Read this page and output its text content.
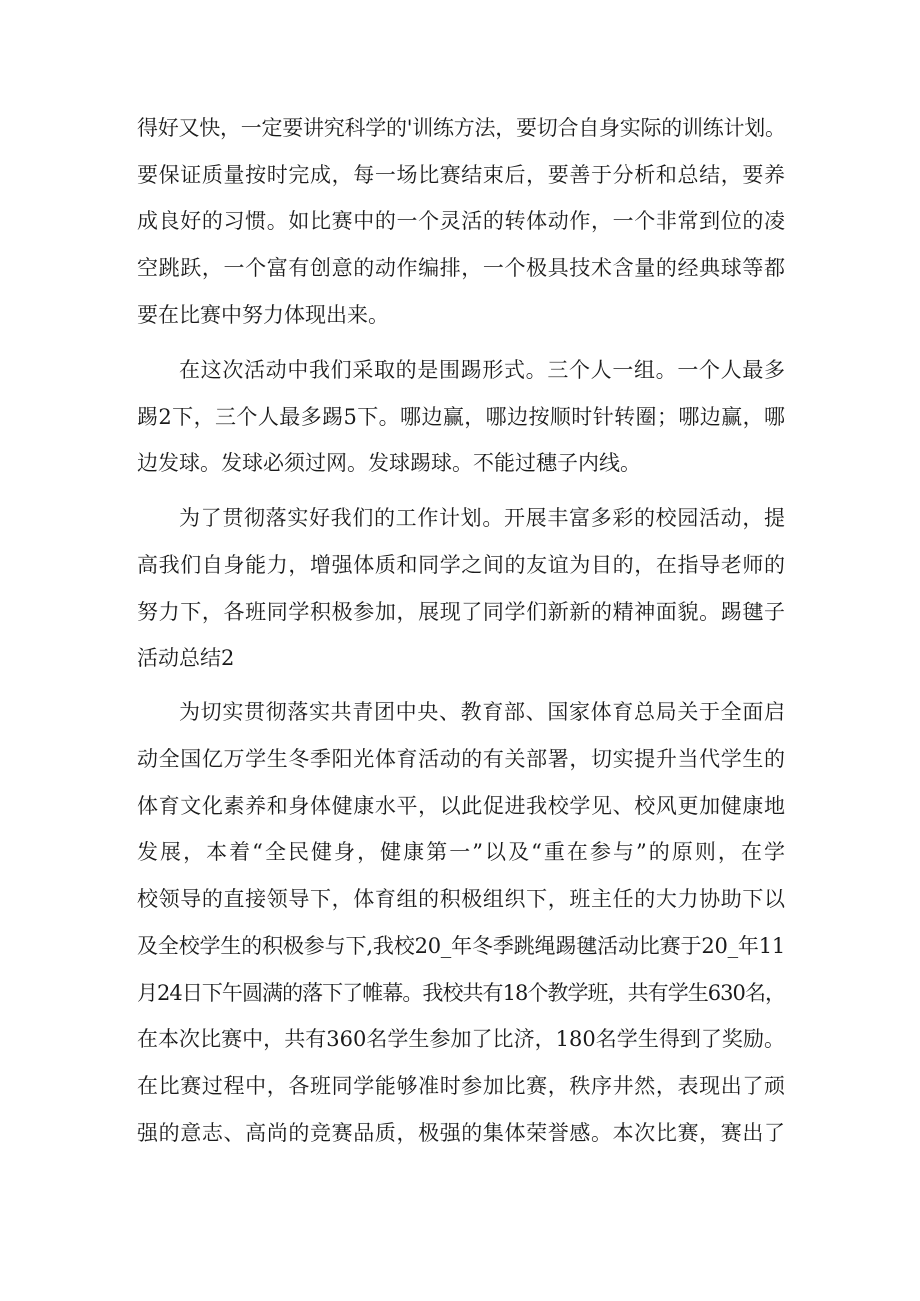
得好又快，一定要讲究科学的'训练方法，要切合自身实际的训练计划。
要保证质量按时完成，每一场比赛结束后，要善于分析和总结，要养
成良好的习惯。如比赛中的一个灵活的转体动作，一个非常到位的凌
空跳跃，一个富有创意的动作编排，一个极具技术含量的经典球等都
要在比赛中努力体现出来。
在这次活动中我们采取的是围踢形式。三个人一组。一个人最多
踢2下，三个人最多踢5下。哪边赢，哪边按顺时针转圈；哪边赢，哪
边发球。发球必须过网。发球踢球。不能过穗子内线。
为了贯彻落实好我们的工作计划。开展丰富多彩的校园活动，提
高我们自身能力，增强体质和同学之间的友谊为目的，在指导老师的
努力下，各班同学积极参加，展现了同学们新新的精神面貌。踢毽子
活动总结2
为切实贯彻落实共青团中央、教育部、国家体育总局关于全面启
动全国亿万学生冬季阳光体育活动的有关部署，切实提升当代学生的
体育文化素养和身体健康水平，以此促进我校学见、校风更加健康地
发展，本着“全民健身，健康第一”以及“重在参与”的原则，在学
校领导的直接领导下，体育组的积极组织下，班主任的大力协助下以
及全校学生的积极参与下,我校20_年冬季跳绳踢毽活动比赛于20_年11
月24日下午圆满的落下了帷幕。我校共有18个教学班，共有学生630名，
在本次比赛中，共有360名学生参加了比济，180名学生得到了奖励。
在比赛过程中，各班同学能够准时参加比赛，秩序井然，表现出了顽
强的意志、高尚的竞赛品质，极强的集体荣誉感。本次比赛，赛出了
